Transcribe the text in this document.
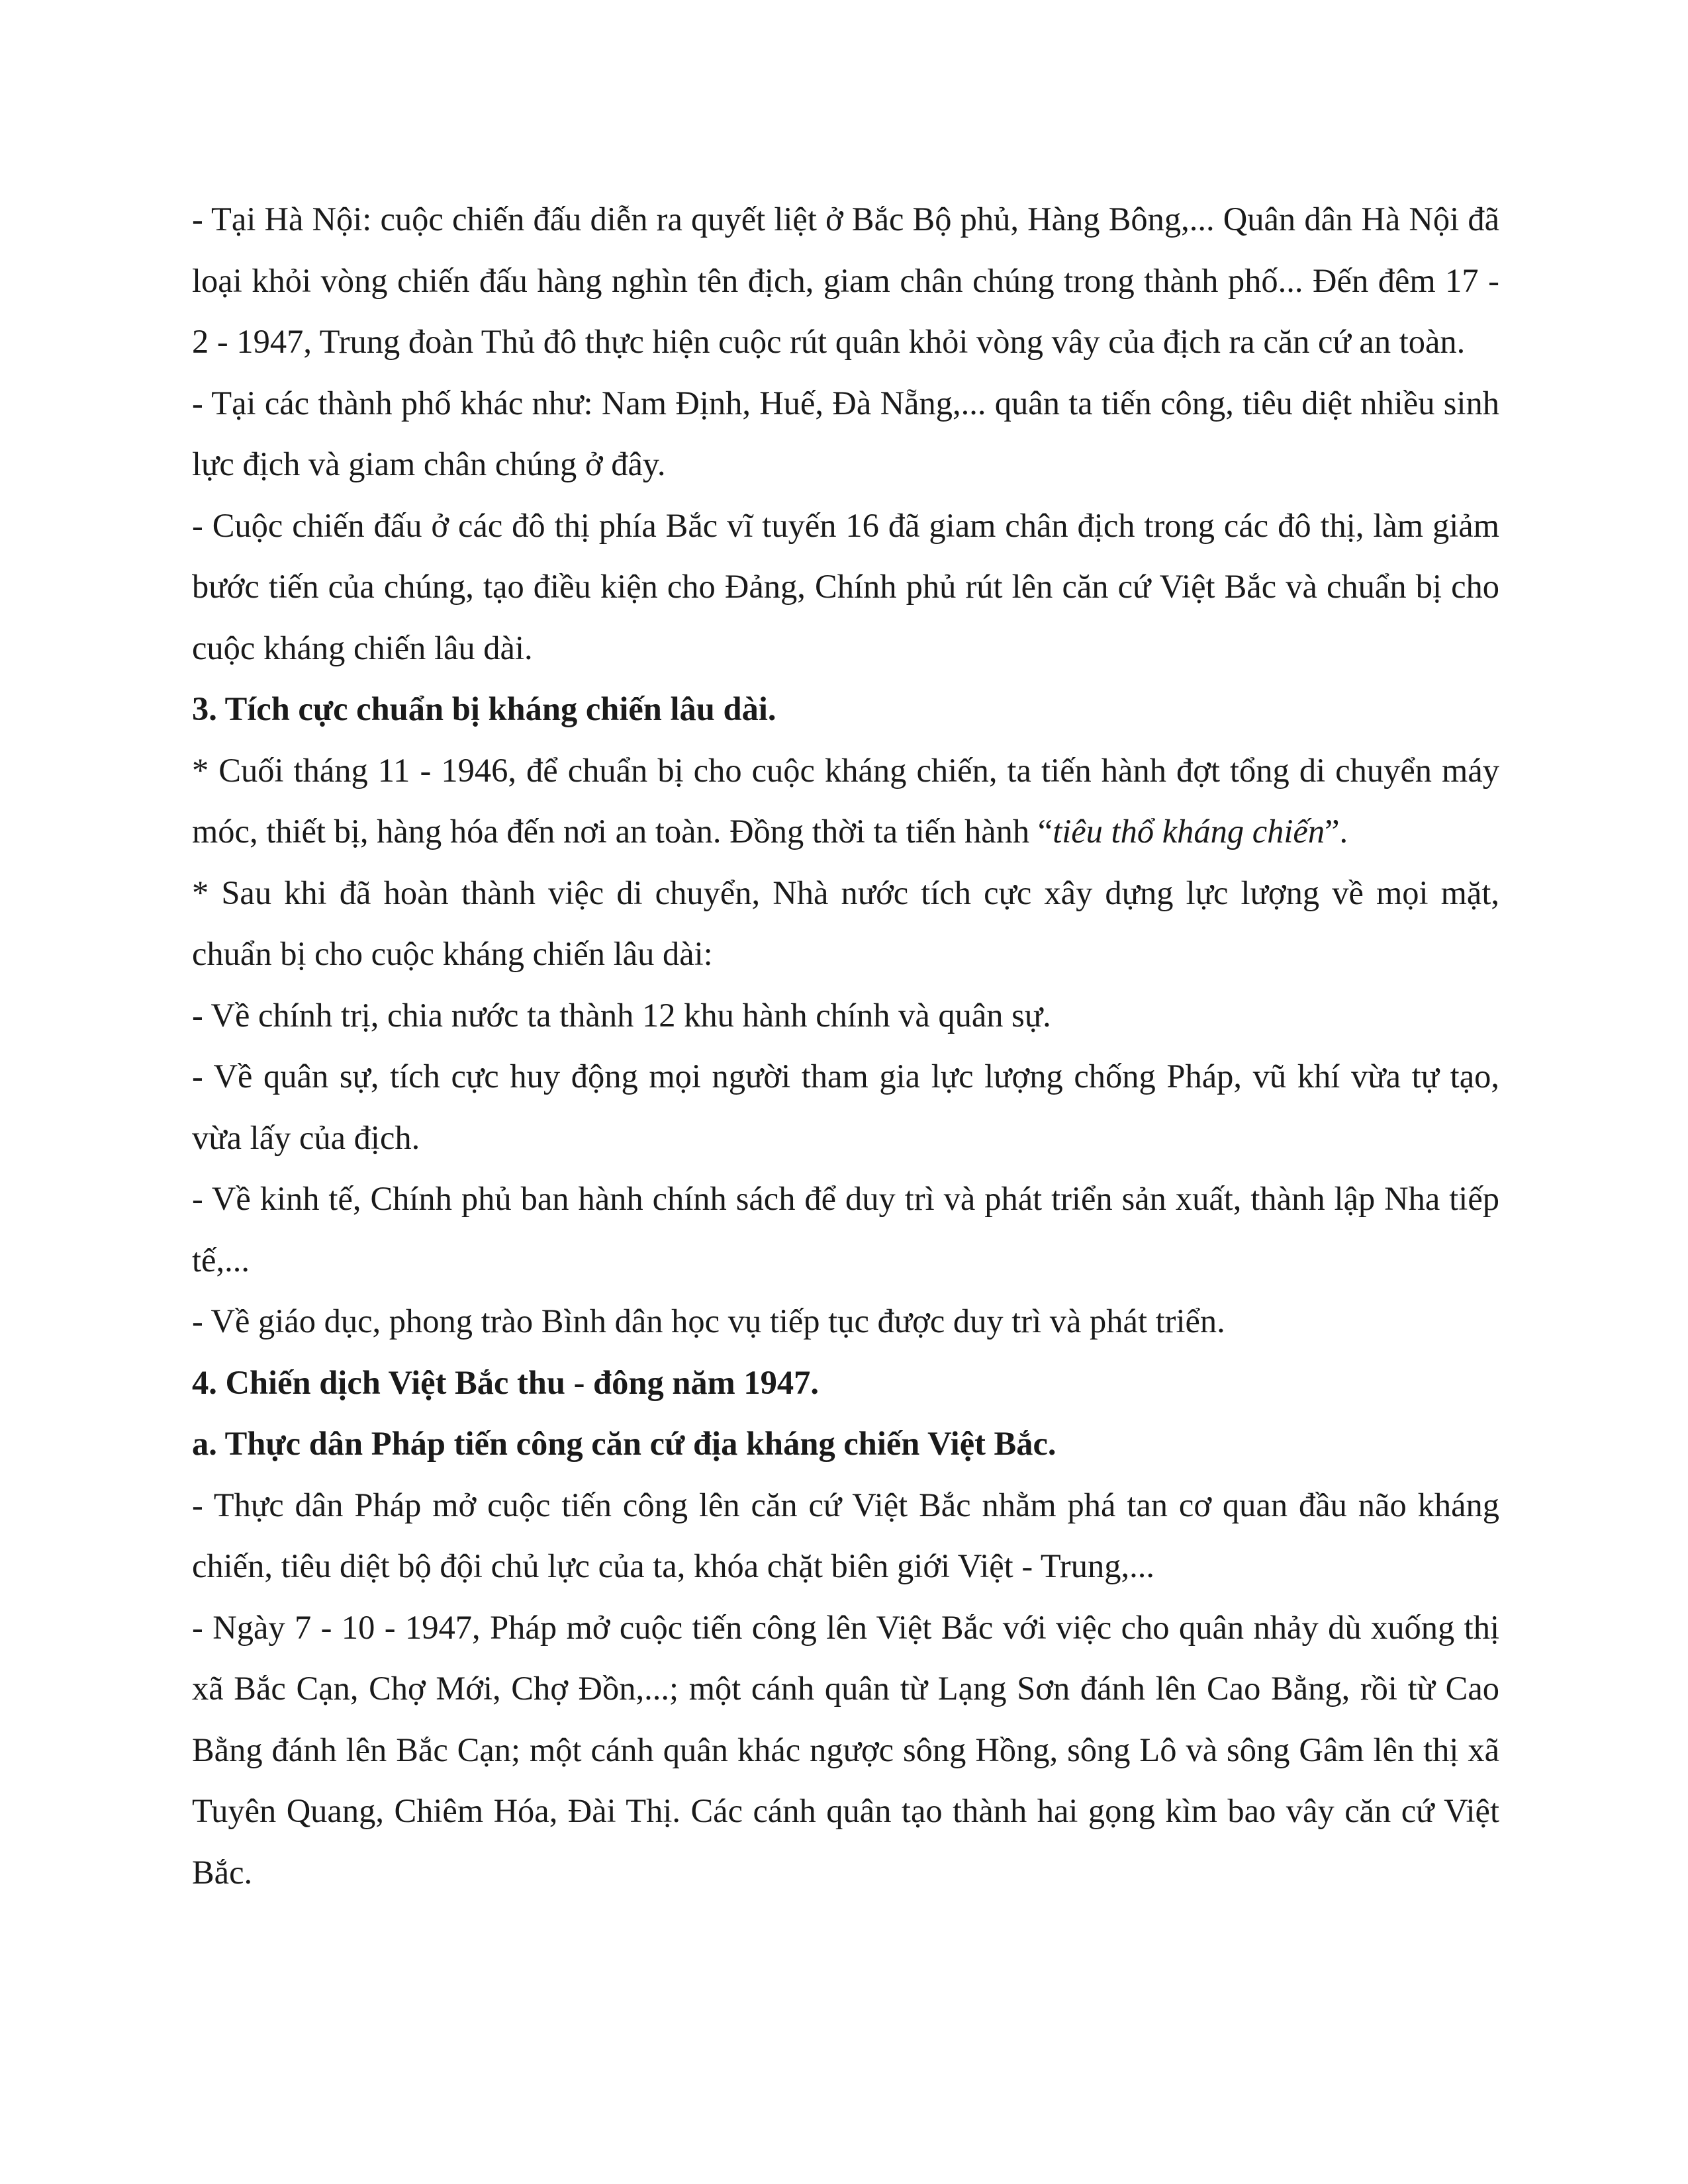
- Tại Hà Nội: cuộc chiến đấu diễn ra quyết liệt ở Bắc Bộ phủ, Hàng Bông,... Quân dân Hà Nội đã loại khỏi vòng chiến đấu hàng nghìn tên địch, giam chân chúng trong thành phố... Đến đêm 17 - 2 - 1947, Trung đoàn Thủ đô thực hiện cuộc rút quân khỏi vòng vây của địch ra căn cứ an toàn.

- Tại các thành phố khác như: Nam Định, Huế, Đà Nẵng,... quân ta tiến công, tiêu diệt nhiều sinh lực địch và giam chân chúng ở đây.

- Cuộc chiến đấu ở các đô thị phía Bắc vĩ tuyến 16 đã giam chân địch trong các đô thị, làm giảm bước tiến của chúng, tạo điều kiện cho Đảng, Chính phủ rút lên căn cứ Việt Bắc và chuẩn bị cho cuộc kháng chiến lâu dài.

3. Tích cực chuẩn bị kháng chiến lâu dài.

* Cuối tháng 11 - 1946, để chuẩn bị cho cuộc kháng chiến, ta tiến hành đợt tổng di chuyển máy móc, thiết bị, hàng hóa đến nơi an toàn. Đồng thời ta tiến hành “tiêu thổ kháng chiến”.

* Sau khi đã hoàn thành việc di chuyển, Nhà nước tích cực xây dựng lực lượng về mọi mặt, chuẩn bị cho cuộc kháng chiến lâu dài:

- Về chính trị, chia nước ta thành 12 khu hành chính và quân sự.

- Về quân sự, tích cực huy động mọi người tham gia lực lượng chống Pháp, vũ khí vừa tự tạo, vừa lấy của địch.

- Về kinh tế, Chính phủ ban hành chính sách để duy trì và phát triển sản xuất, thành lập Nha tiếp tế,...

- Về giáo dục, phong trào Bình dân học vụ tiếp tục được duy trì và phát triển.

4. Chiến dịch Việt Bắc thu - đông năm 1947.

a. Thực dân Pháp tiến công căn cứ địa kháng chiến Việt Bắc.

- Thực dân Pháp mở cuộc tiến công lên căn cứ Việt Bắc nhằm phá tan cơ quan đầu não kháng chiến, tiêu diệt bộ đội chủ lực của ta, khóa chặt biên giới Việt - Trung,...

- Ngày 7 - 10 - 1947, Pháp mở cuộc tiến công lên Việt Bắc với việc cho quân nhảy dù xuống thị xã Bắc Cạn, Chợ Mới, Chợ Đồn,...; một cánh quân từ Lạng Sơn đánh lên Cao Bằng, rồi từ Cao Bằng đánh lên Bắc Cạn; một cánh quân khác ngược sông Hồng, sông Lô và sông Gâm lên thị xã Tuyên Quang, Chiêm Hóa, Đài Thị. Các cánh quân tạo thành hai gọng kìm bao vây căn cứ Việt Bắc.
